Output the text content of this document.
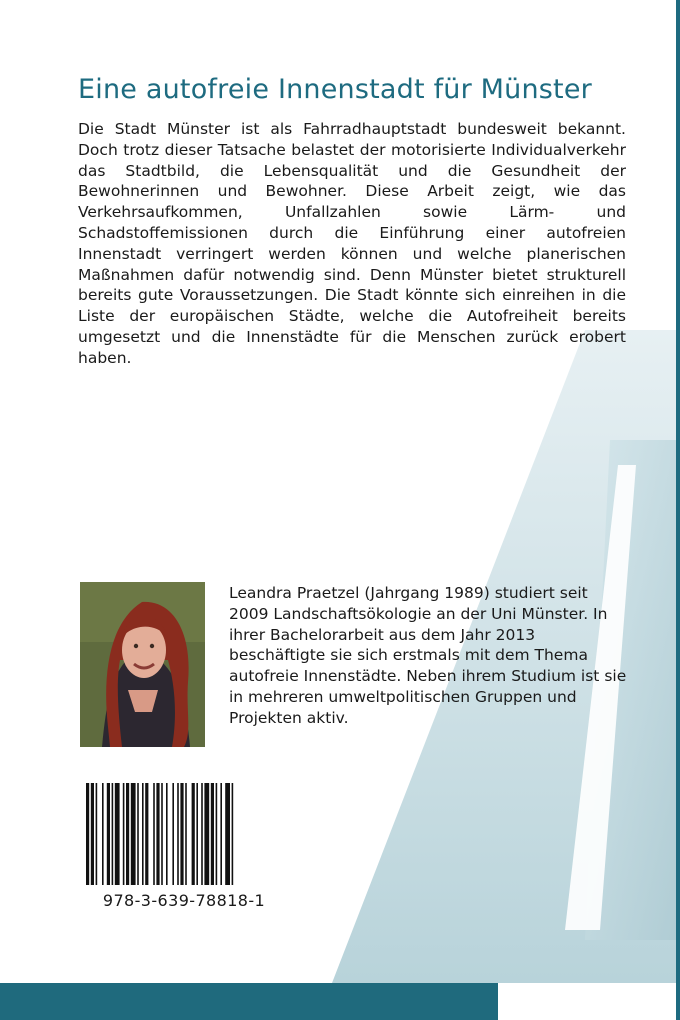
Eine autofreie Innenstadt für Münster

Die Stadt Münster ist als Fahrradhauptstadt bundesweit bekannt. Doch trotz dieser Tatsache belastet der motorisierte Individualverkehr das Stadtbild, die Lebensqualität und die Gesundheit der Bewohnerinnen und Bewohner. Diese Arbeit zeigt, wie das Verkehrsaufkommen, Unfallzahlen sowie Lärm- und Schadstoffemissionen durch die Einführung einer autofreien Innenstadt verringert werden können und welche planerischen Maßnahmen dafür notwendig sind. Denn Münster bietet strukturell bereits gute Voraussetzungen. Die Stadt könnte sich einreihen in die Liste der europäischen Städte, welche die Autofreiheit bereits umgesetzt und die Innenstädte für die Menschen zurück erobert haben.

Leandra Praetzel (Jahrgang 1989) studiert seit 2009 Landschaftsökologie an der Uni Münster. In ihrer Bachelorarbeit aus dem Jahr 2013 beschäftigte sie sich erstmals mit dem Thema autofreie Innenstädte. Neben ihrem Studium ist sie in mehreren umweltpolitischen Gruppen und Projekten aktiv.

978-3-639-78818-1
